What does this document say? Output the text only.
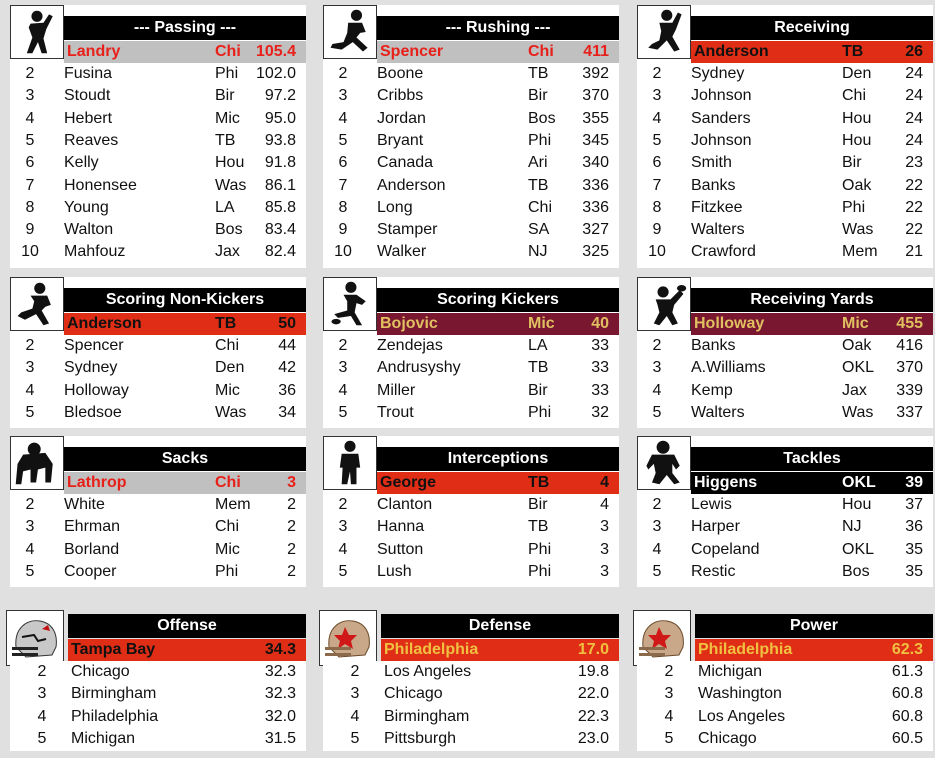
--- Passing ---
Landry	Chi 105.4
2	Fusina	Phi 102.0
3	Stoudt	Bir 97.2
4	Hebert	Mic 95.0
5	Reaves	TB 93.8
6	Kelly	Hou 91.8
7	Honensee	Was 86.1
8	Young	LA 85.8
9	Walton	Bos 83.4
10 Mahfouz	Jax 82.4
--- Rushing ---
Spencer	Chi 411
2	Boone	TB 392
3	Cribbs	Bir 370
4	Jordan	Bos 355
5	Bryant	Phi 345
6	Canada	Ari 340
7	Anderson	TB 336
8	Long	Chi 336
9	Stamper	SA 327
10 Walker	NJ 325
Receiving
Anderson	TB	26
2	Sydney	Den 24
3	Johnson	Chi 24
4	Sanders	Hou 24
5	Johnson	Hou 24
6	Smith	Bir	23
7	Banks	Oak 22
8	Fitzkee	Phi	22
9	Walters	Was 22
10 Crawford	Mem 21
Scoring Non-Kickers
Anderson	TB	50
2	Spencer	Chi 44
3	Sydney	Den 42
4	Holloway	Mic 36
5	Bledsoe	Was 34
Scoring Kickers
Bojovic	Mic 40
2	Zendejas	LA	33
3	Andrusyshy	TB	33
4	Miller	Bir	33
5	Trout	Phi	32
Receiving Yards
Holloway	Mic 455
2	Banks	Oak 416
3	A.Williams	OKL 370
4	Kemp	Jax 339
5	Walters	Was 337
Sacks
Lathrop	Chi	3
2	White	Mem 2
3	Ehrman	Chi	2
4	Borland	Mic	2
5	Cooper	Phi	2
Interceptions
George	TB	4
2	Clanton	Bir	4
3	Hanna	TB	3
4	Sutton	Phi	3
5	Lush	Phi	3
Tackles
Higgens	OKL 39
2	Lewis	Hou 37
3	Harper	NJ	36
4	Copeland	OKL 35
5	Restic	Bos 35
Offense
Tampa Bay	34.3
2	Chicago	32.3
3	Birmingham	32.3
4	Philadelphia	32.0
5	Michigan	31.5
Defense
Philadelphia	17.0
2	Los Angeles	19.8
3	Chicago	22.0
4	Birmingham	22.3
5	Pittsburgh	23.0
Power
Philadelphia	62.3
2	Michigan	61.3
3	Washington	60.8
4	Los Angeles	60.8
5	Chicago	60.5
